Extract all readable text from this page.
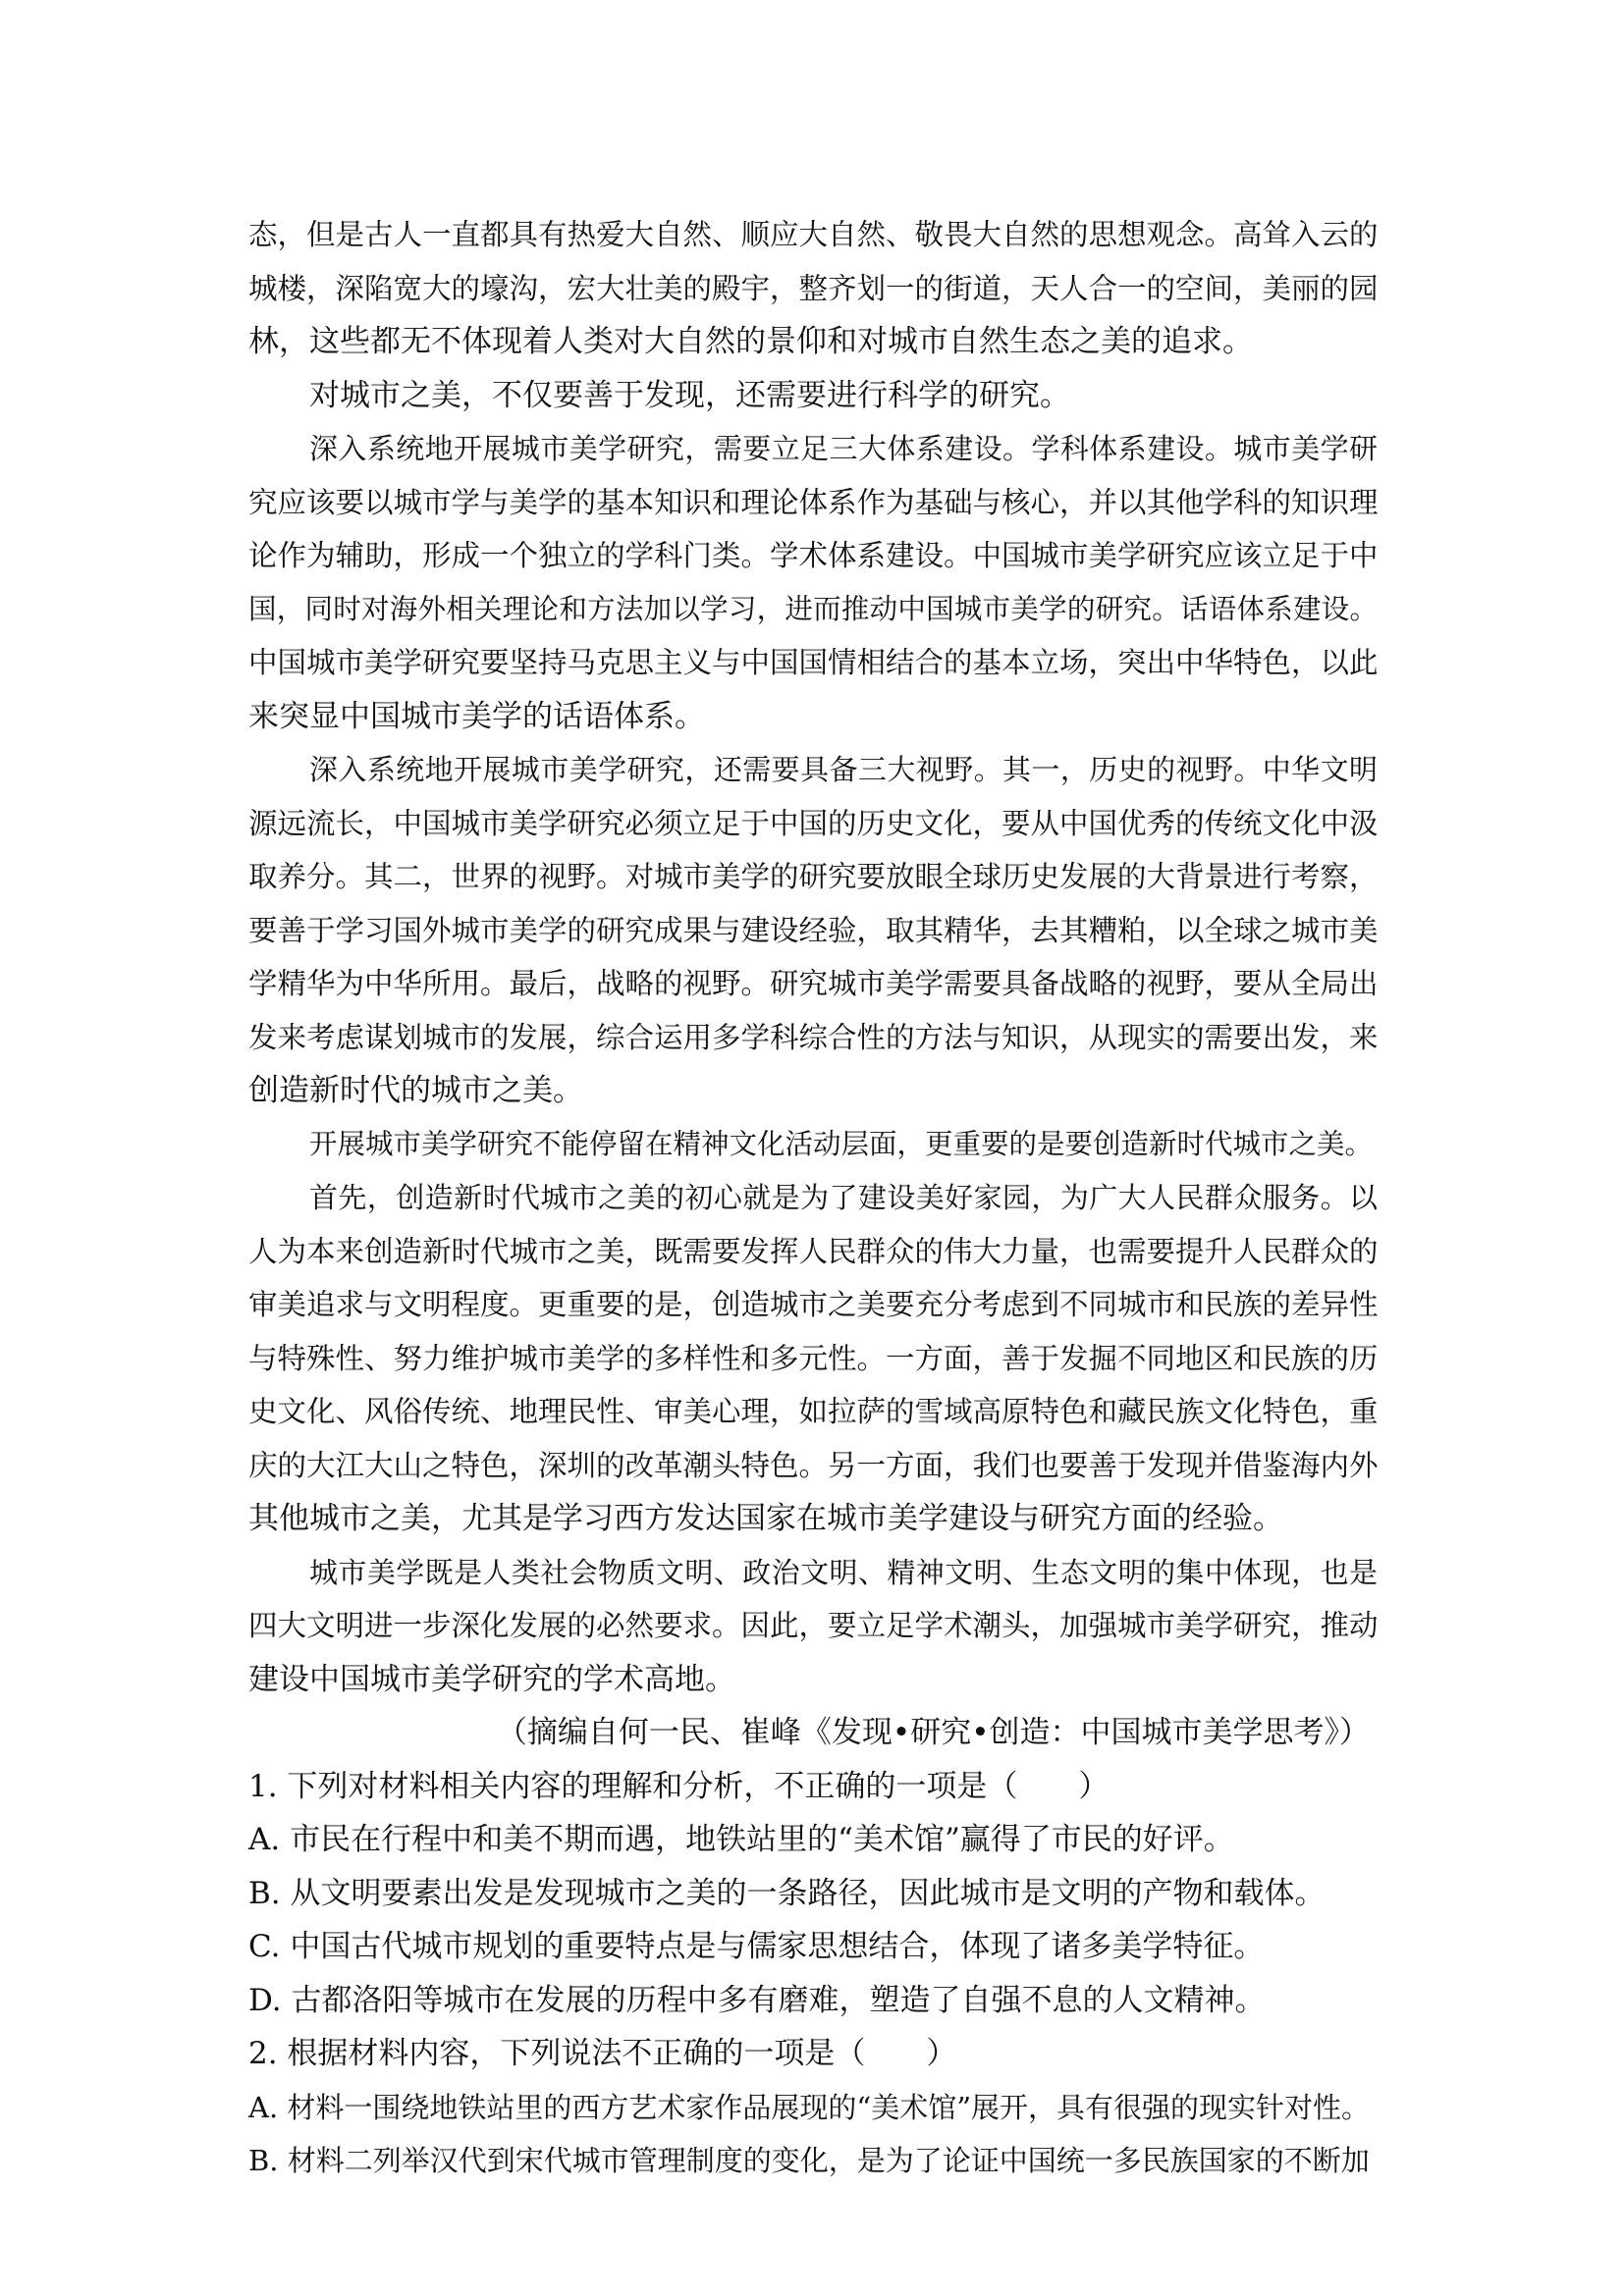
态，但是古人一直都具有热爱大自然、顺应大自然、敬畏大自然的思想观念。高耸入云的
城楼，深陷宽大的壕沟，宏大壮美的殿宇，整齐划一的街道，天人合一的空间，美丽的园
林，这些都无不体现着人类对大自然的景仰和对城市自然生态之美的追求。
对城市之美，不仅要善于发现，还需要进行科学的研究。
深入系统地开展城市美学研究，需要立足三大体系建设。学科体系建设。城市美学研
究应该要以城市学与美学的基本知识和理论体系作为基础与核心，并以其他学科的知识理
论作为辅助，形成一个独立的学科门类。学术体系建设。中国城市美学研究应该立足于中
国，同时对海外相关理论和方法加以学习，进而推动中国城市美学的研究。话语体系建设。
中国城市美学研究要坚持马克思主义与中国国情相结合的基本立场，突出中华特色，以此
来突显中国城市美学的话语体系。
深入系统地开展城市美学研究，还需要具备三大视野。其一，历史的视野。中华文明
源远流长，中国城市美学研究必须立足于中国的历史文化，要从中国优秀的传统文化中汲
取养分。其二，世界的视野。对城市美学的研究要放眼全球历史发展的大背景进行考察，
要善于学习国外城市美学的研究成果与建设经验，取其精华，去其糟粕，以全球之城市美
学精华为中华所用。最后，战略的视野。研究城市美学需要具备战略的视野，要从全局出
发来考虑谋划城市的发展，综合运用多学科综合性的方法与知识，从现实的需要出发，来
创造新时代的城市之美。
开展城市美学研究不能停留在精神文化活动层面，更重要的是要创造新时代城市之美。
首先，创造新时代城市之美的初心就是为了建设美好家园，为广大人民群众服务。以
人为本来创造新时代城市之美，既需要发挥人民群众的伟大力量，也需要提升人民群众的
审美追求与文明程度。更重要的是，创造城市之美要充分考虑到不同城市和民族的差异性
与特殊性、努力维护城市美学的多样性和多元性。一方面，善于发掘不同地区和民族的历
史文化、风俗传统、地理民性、审美心理，如拉萨的雪域高原特色和藏民族文化特色，重
庆的大江大山之特色，深圳的改革潮头特色。另一方面，我们也要善于发现并借鉴海内外
其他城市之美，尤其是学习西方发达国家在城市美学建设与研究方面的经验。
城市美学既是人类社会物质文明、政治文明、精神文明、生态文明的集中体现，也是
四大文明进一步深化发展的必然要求。因此，要立足学术潮头，加强城市美学研究，推动
建设中国城市美学研究的学术高地。
（摘编自何一民、崔峰《发现•研究•创造：中国城市美学思考》）
1. 下列对材料相关内容的理解和分析，不正确的一项是（　　）
A. 市民在行程中和美不期而遇，地铁站里的“美术馆”赢得了市民的好评。
B. 从文明要素出发是发现城市之美的一条路径，因此城市是文明的产物和载体。
C. 中国古代城市规划的重要特点是与儒家思想结合，体现了诸多美学特征。
D. 古都洛阳等城市在发展的历程中多有磨难，塑造了自强不息的人文精神。
2. 根据材料内容，下列说法不正确的一项是（　　）
A. 材料一围绕地铁站里的西方艺术家作品展现的“美术馆”展开，具有很强的现实针对性。
B. 材料二列举汉代到宋代城市管理制度的变化，是为了论证中国统一多民族国家的不断加
